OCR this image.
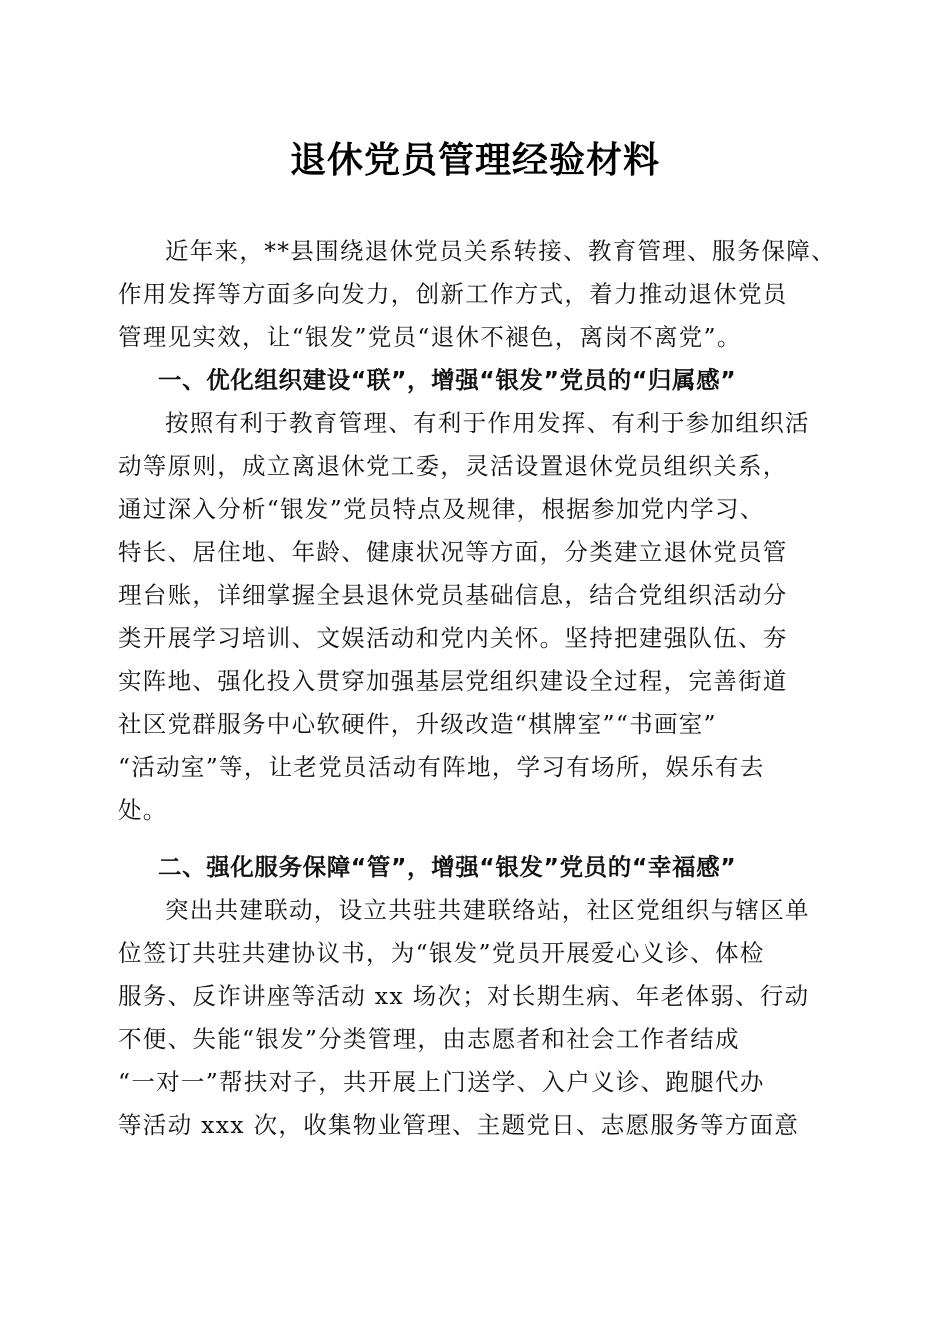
退休党员管理经验材料
近年来，**县围绕退休党员关系转接、教育管理、服务保障、
作用发挥等方面多向发力，创新工作方式，着力推动退休党员
管理见实效，让“银发”党员“退休不褪色，离岗不离党”。
一、优化组织建设“联”，增强“银发”党员的“归属感”
按照有利于教育管理、有利于作用发挥、有利于参加组织活
动等原则，成立离退休党工委，灵活设置退休党员组织关系，
通过深入分析“银发”党员特点及规律，根据参加党内学习、
特长、居住地、年龄、健康状况等方面，分类建立退休党员管
理台账，详细掌握全县退休党员基础信息，结合党组织活动分
类开展学习培训、文娱活动和党内关怀。坚持把建强队伍、夯
实阵地、强化投入贯穿加强基层党组织建设全过程，完善街道
社区党群服务中心软硬件，升级改造“棋牌室”“书画室”
“活动室”等，让老党员活动有阵地，学习有场所，娱乐有去
处。
二、强化服务保障“管”，增强“银发”党员的“幸福感”
突出共建联动，设立共驻共建联络站，社区党组织与辖区单
位签订共驻共建协议书，为“银发”党员开展爱心义诊、体检
服务、反诈讲座等活动 xx 场次；对长期生病、年老体弱、行动
不便、失能“银发”分类管理，由志愿者和社会工作者结成
“一对一”帮扶对子，共开展上门送学、入户义诊、跑腿代办
等活动 xxx 次，收集物业管理、主题党日、志愿服务等方面意
